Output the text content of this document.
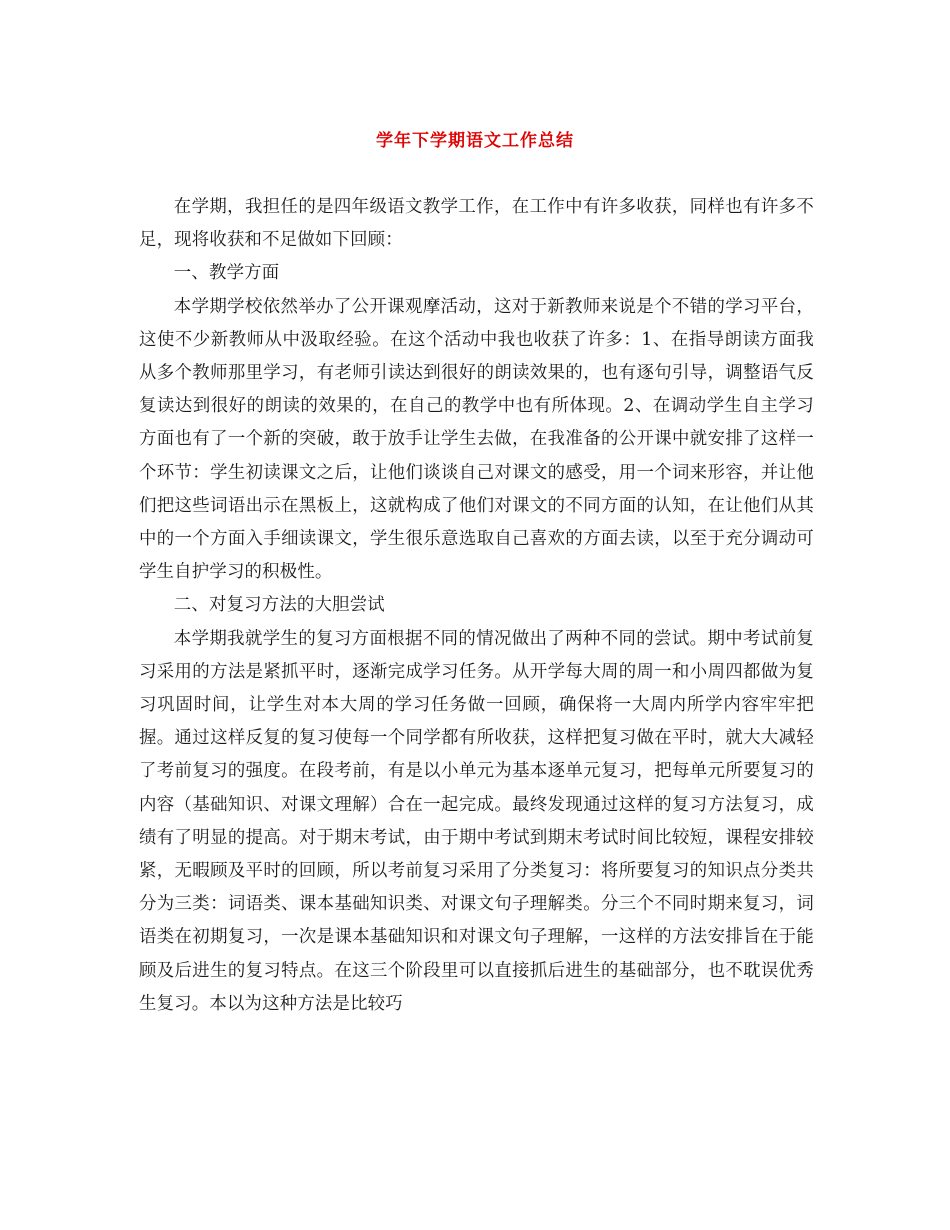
学年下学期语文工作总结

在学期，我担任的是四年级语文教学工作，在工作中有许多收获，同样也有许多不足，现将收获和不足做如下回顾：

一、教学方面

本学期学校依然举办了公开课观摩活动，这对于新教师来说是个不错的学习平台，这使不少新教师从中汲取经验。在这个活动中我也收获了许多：1、在指导朗读方面我从多个教师那里学习，有老师引读达到很好的朗读效果的，也有逐句引导，调整语气反复读达到很好的朗读的效果的，在自己的教学中也有所体现。2、在调动学生自主学习方面也有了一个新的突破，敢于放手让学生去做，在我准备的公开课中就安排了这样一个环节：学生初读课文之后，让他们谈谈自己对课文的感受，用一个词来形容，并让他们把这些词语出示在黑板上，这就构成了他们对课文的不同方面的认知，在让他们从其中的一个方面入手细读课文，学生很乐意选取自己喜欢的方面去读，以至于充分调动可学生自护学习的积极性。

二、对复习方法的大胆尝试

本学期我就学生的复习方面根据不同的情况做出了两种不同的尝试。期中考试前复习采用的方法是紧抓平时，逐渐完成学习任务。从开学每大周的周一和小周四都做为复习巩固时间，让学生对本大周的学习任务做一回顾，确保将一大周内所学内容牢牢把握。通过这样反复的复习使每一个同学都有所收获，这样把复习做在平时，就大大减轻了考前复习的强度。在段考前，有是以小单元为基本逐单元复习，把每单元所要复习的内容（基础知识、对课文理解）合在一起完成。最终发现通过这样的复习方法复习，成绩有了明显的提高。对于期末考试，由于期中考试到期末考试时间比较短，课程安排较紧，无暇顾及平时的回顾，所以考前复习采用了分类复习：将所要复习的知识点分类共分为三类：词语类、课本基础知识类、对课文句子理解类。分三个不同时期来复习，词语类在初期复习，一次是课本基础知识和对课文句子理解，一这样的方法安排旨在于能顾及后进生的复习特点。在这三个阶段里可以直接抓后进生的基础部分，也不耽误优秀生复习。本以为这种方法是比较巧
